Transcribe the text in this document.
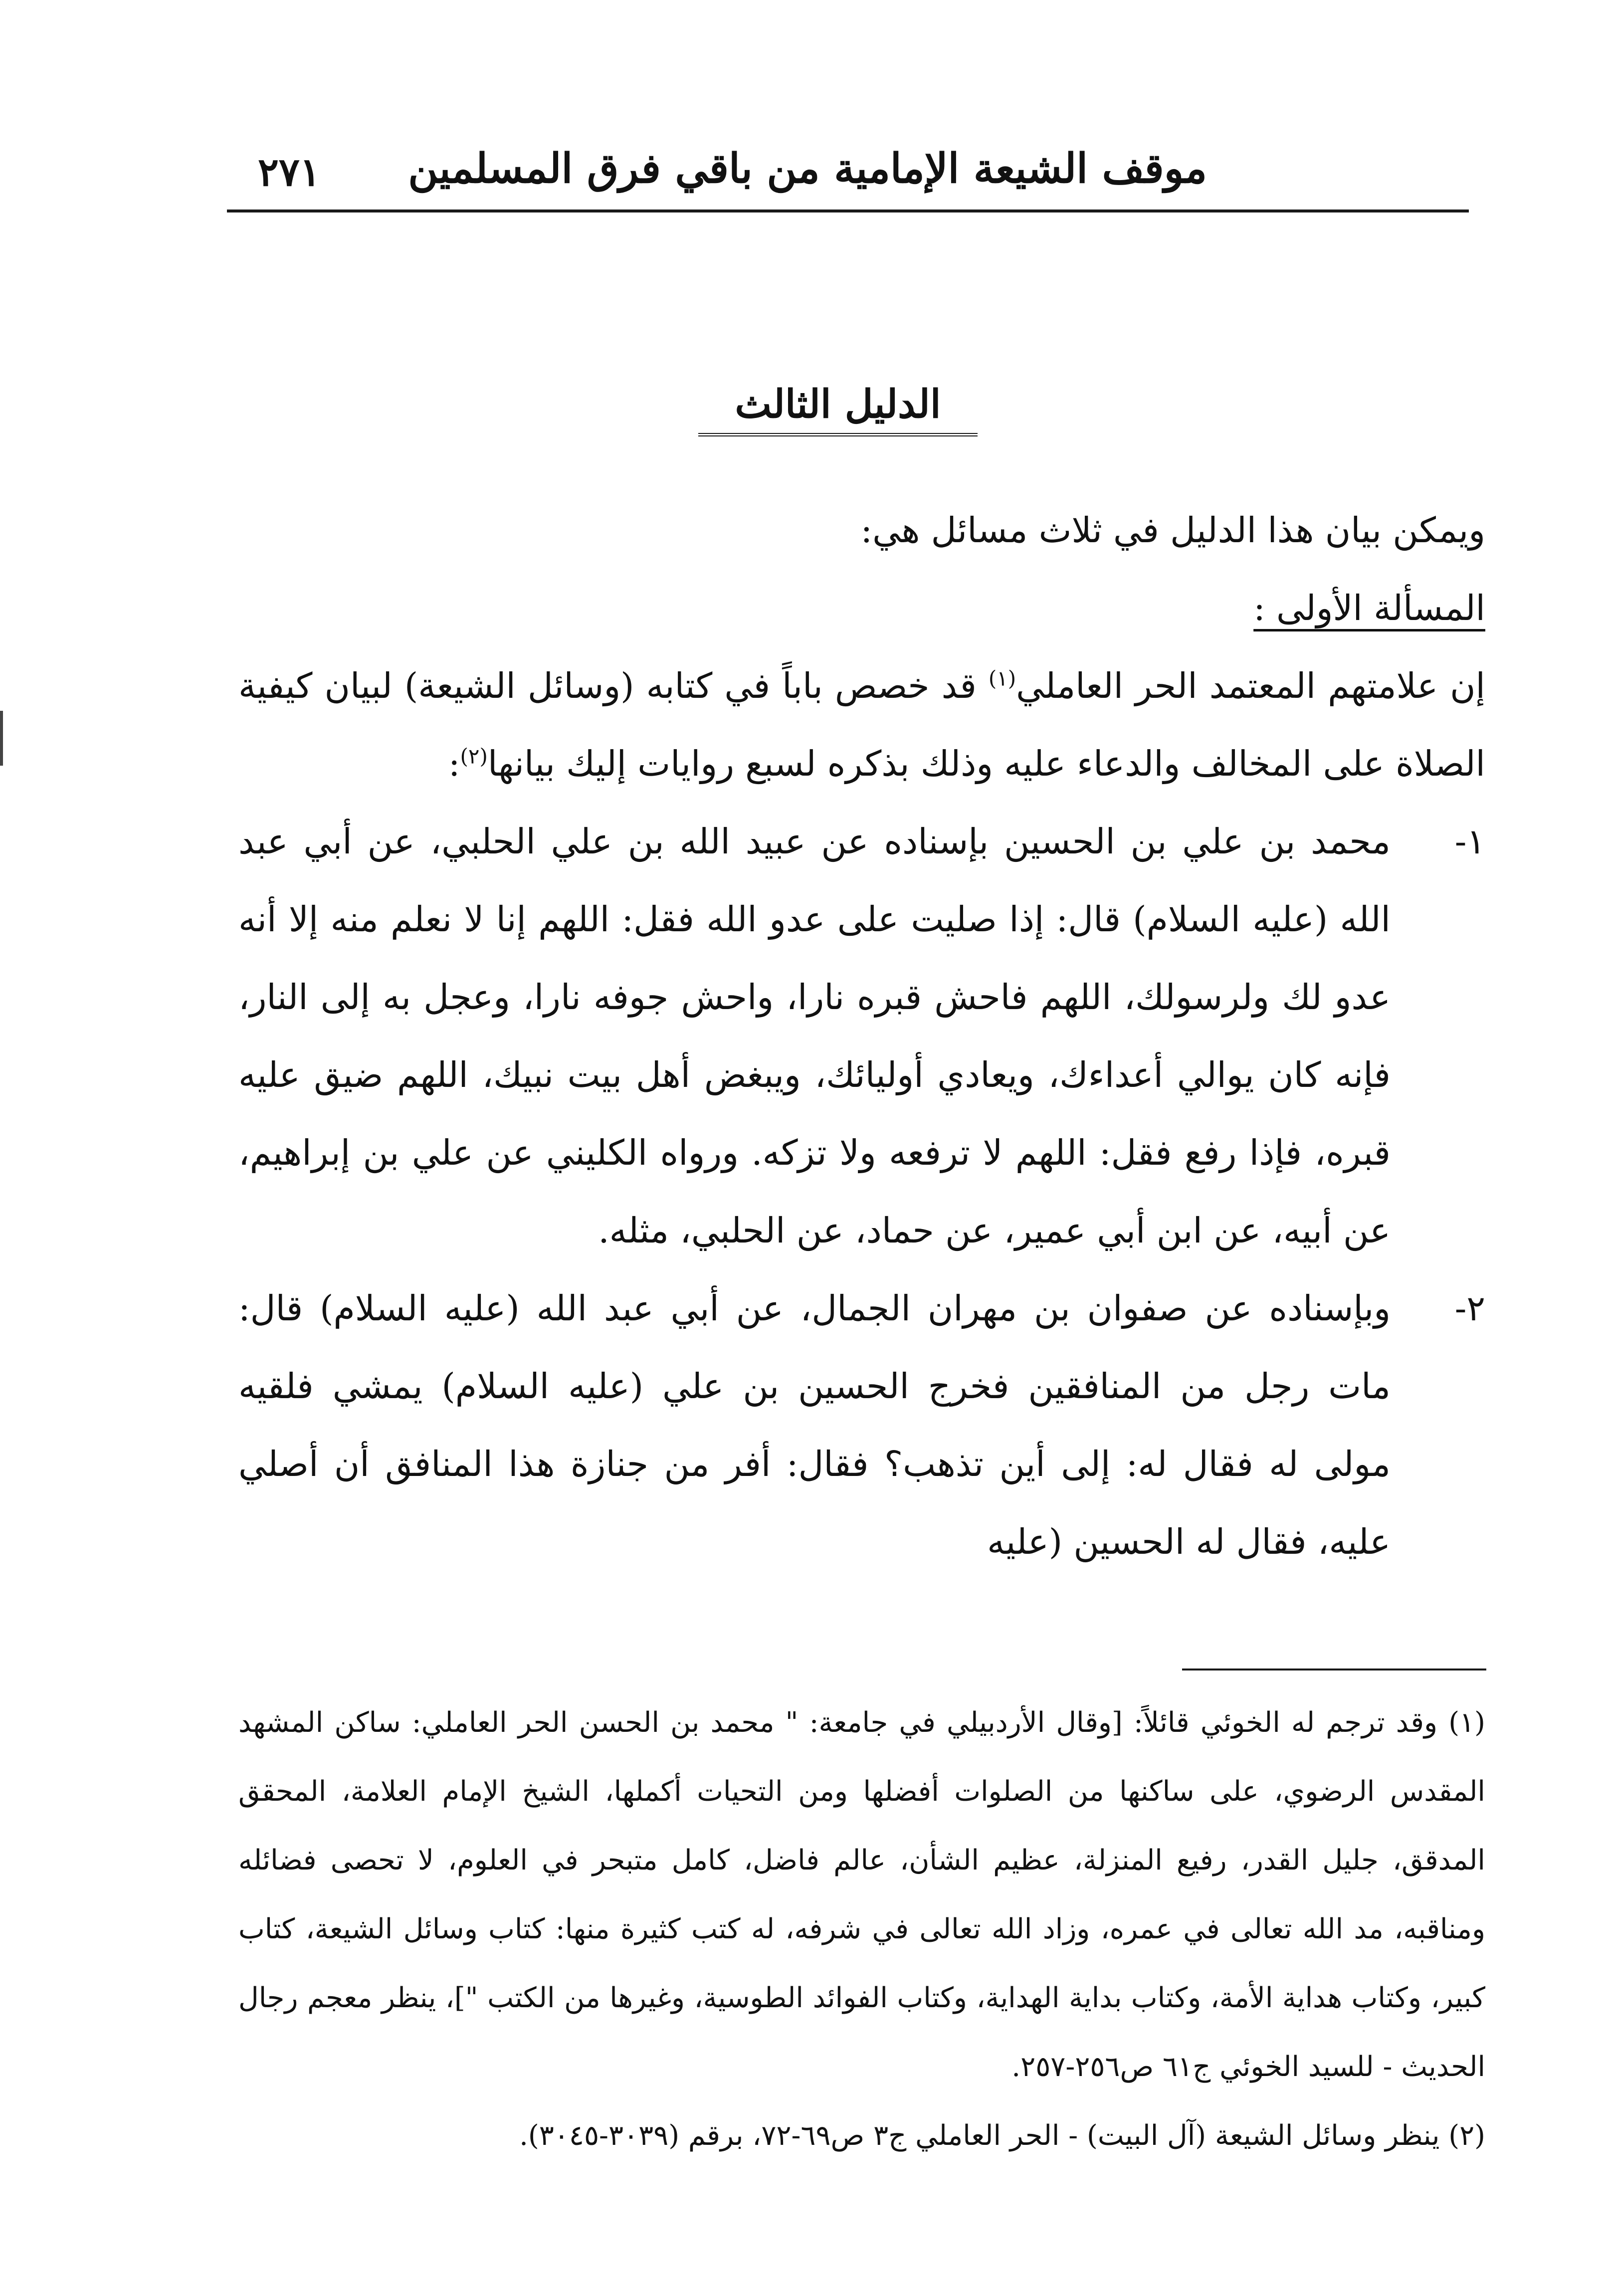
موقف الشيعة الإمامية من باقي فرق المسلمين
٢٧١
الدليل الثالث

ويمكن بيان هذا الدليل في ثلاث مسائل هي:

المسألة الأولى :

إن علامتهم المعتمد الحر العاملي$^{(١)}$ قد خصص باباً في كتابه (وسائل الشيعة) لبيان كيفية الصلاة على المخالف والدعاء عليه وذلك بذكره لسبع روايات إليك بيانها$^{(٢)}$:

١-
محمد بن علي بن الحسين بإسناده عن عبيد الله بن علي الحلبي، عن أبي عبد الله (عليه السلام) قال: إذا صليت على عدو الله فقل: اللهم إنا لا نعلم منه إلا أنه عدو لك ولرسولك، اللهم فاحش قبره نارا، واحش جوفه نارا، وعجل به إلى النار، فإنه كان يوالي أعداءك، ويعادي أوليائك، ويبغض أهل بيت نبيك، اللهم ضيق عليه قبره، فإذا رفع فقل: اللهم لا ترفعه ولا تزكه. ورواه الكليني عن علي بن إبراهيم، عن أبيه، عن ابن أبي عمير، عن حماد، عن الحلبي، مثله.
٢-
وبإسناده عن صفوان بن مهران الجمال، عن أبي عبد الله (عليه السلام) قال: مات رجل من المنافقين فخرج الحسين بن علي (عليه السلام) يمشي فلقيه مولى له فقال له: إلى أين تذهب؟ فقال: أفر من جنازة هذا المنافق أن أصلي عليه، فقال له الحسين (عليه

(١) وقد ترجم له الخوئي قائلاً: [وقال الأردبيلي في جامعة: " محمد بن الحسن الحر العاملي: ساكن المشهد المقدس الرضوي، على ساكنها من الصلوات أفضلها ومن التحيات أكملها، الشيخ الإمام العلامة، المحقق المدقق، جليل القدر، رفيع المنزلة، عظيم الشأن، عالم فاضل، كامل متبحر في العلوم، لا تحصى فضائله ومناقبه، مد الله تعالى في عمره، وزاد الله تعالى في شرفه، له كتب كثيرة منها: كتاب وسائل الشيعة، كتاب كبير، وكتاب هداية الأمة، وكتاب بداية الهداية، وكتاب الفوائد الطوسية، وغيرها من الكتب "]، ينظر معجم رجال الحديث - للسيد الخوئي ج٦١ ص٢٥٦-٢٥٧.

(٢) ينظر وسائل الشيعة (آل البيت) - الحر العاملي ج٣ ص٦٩-٧٢، برقم (٣٠٣٩-٣٠٤٥).
